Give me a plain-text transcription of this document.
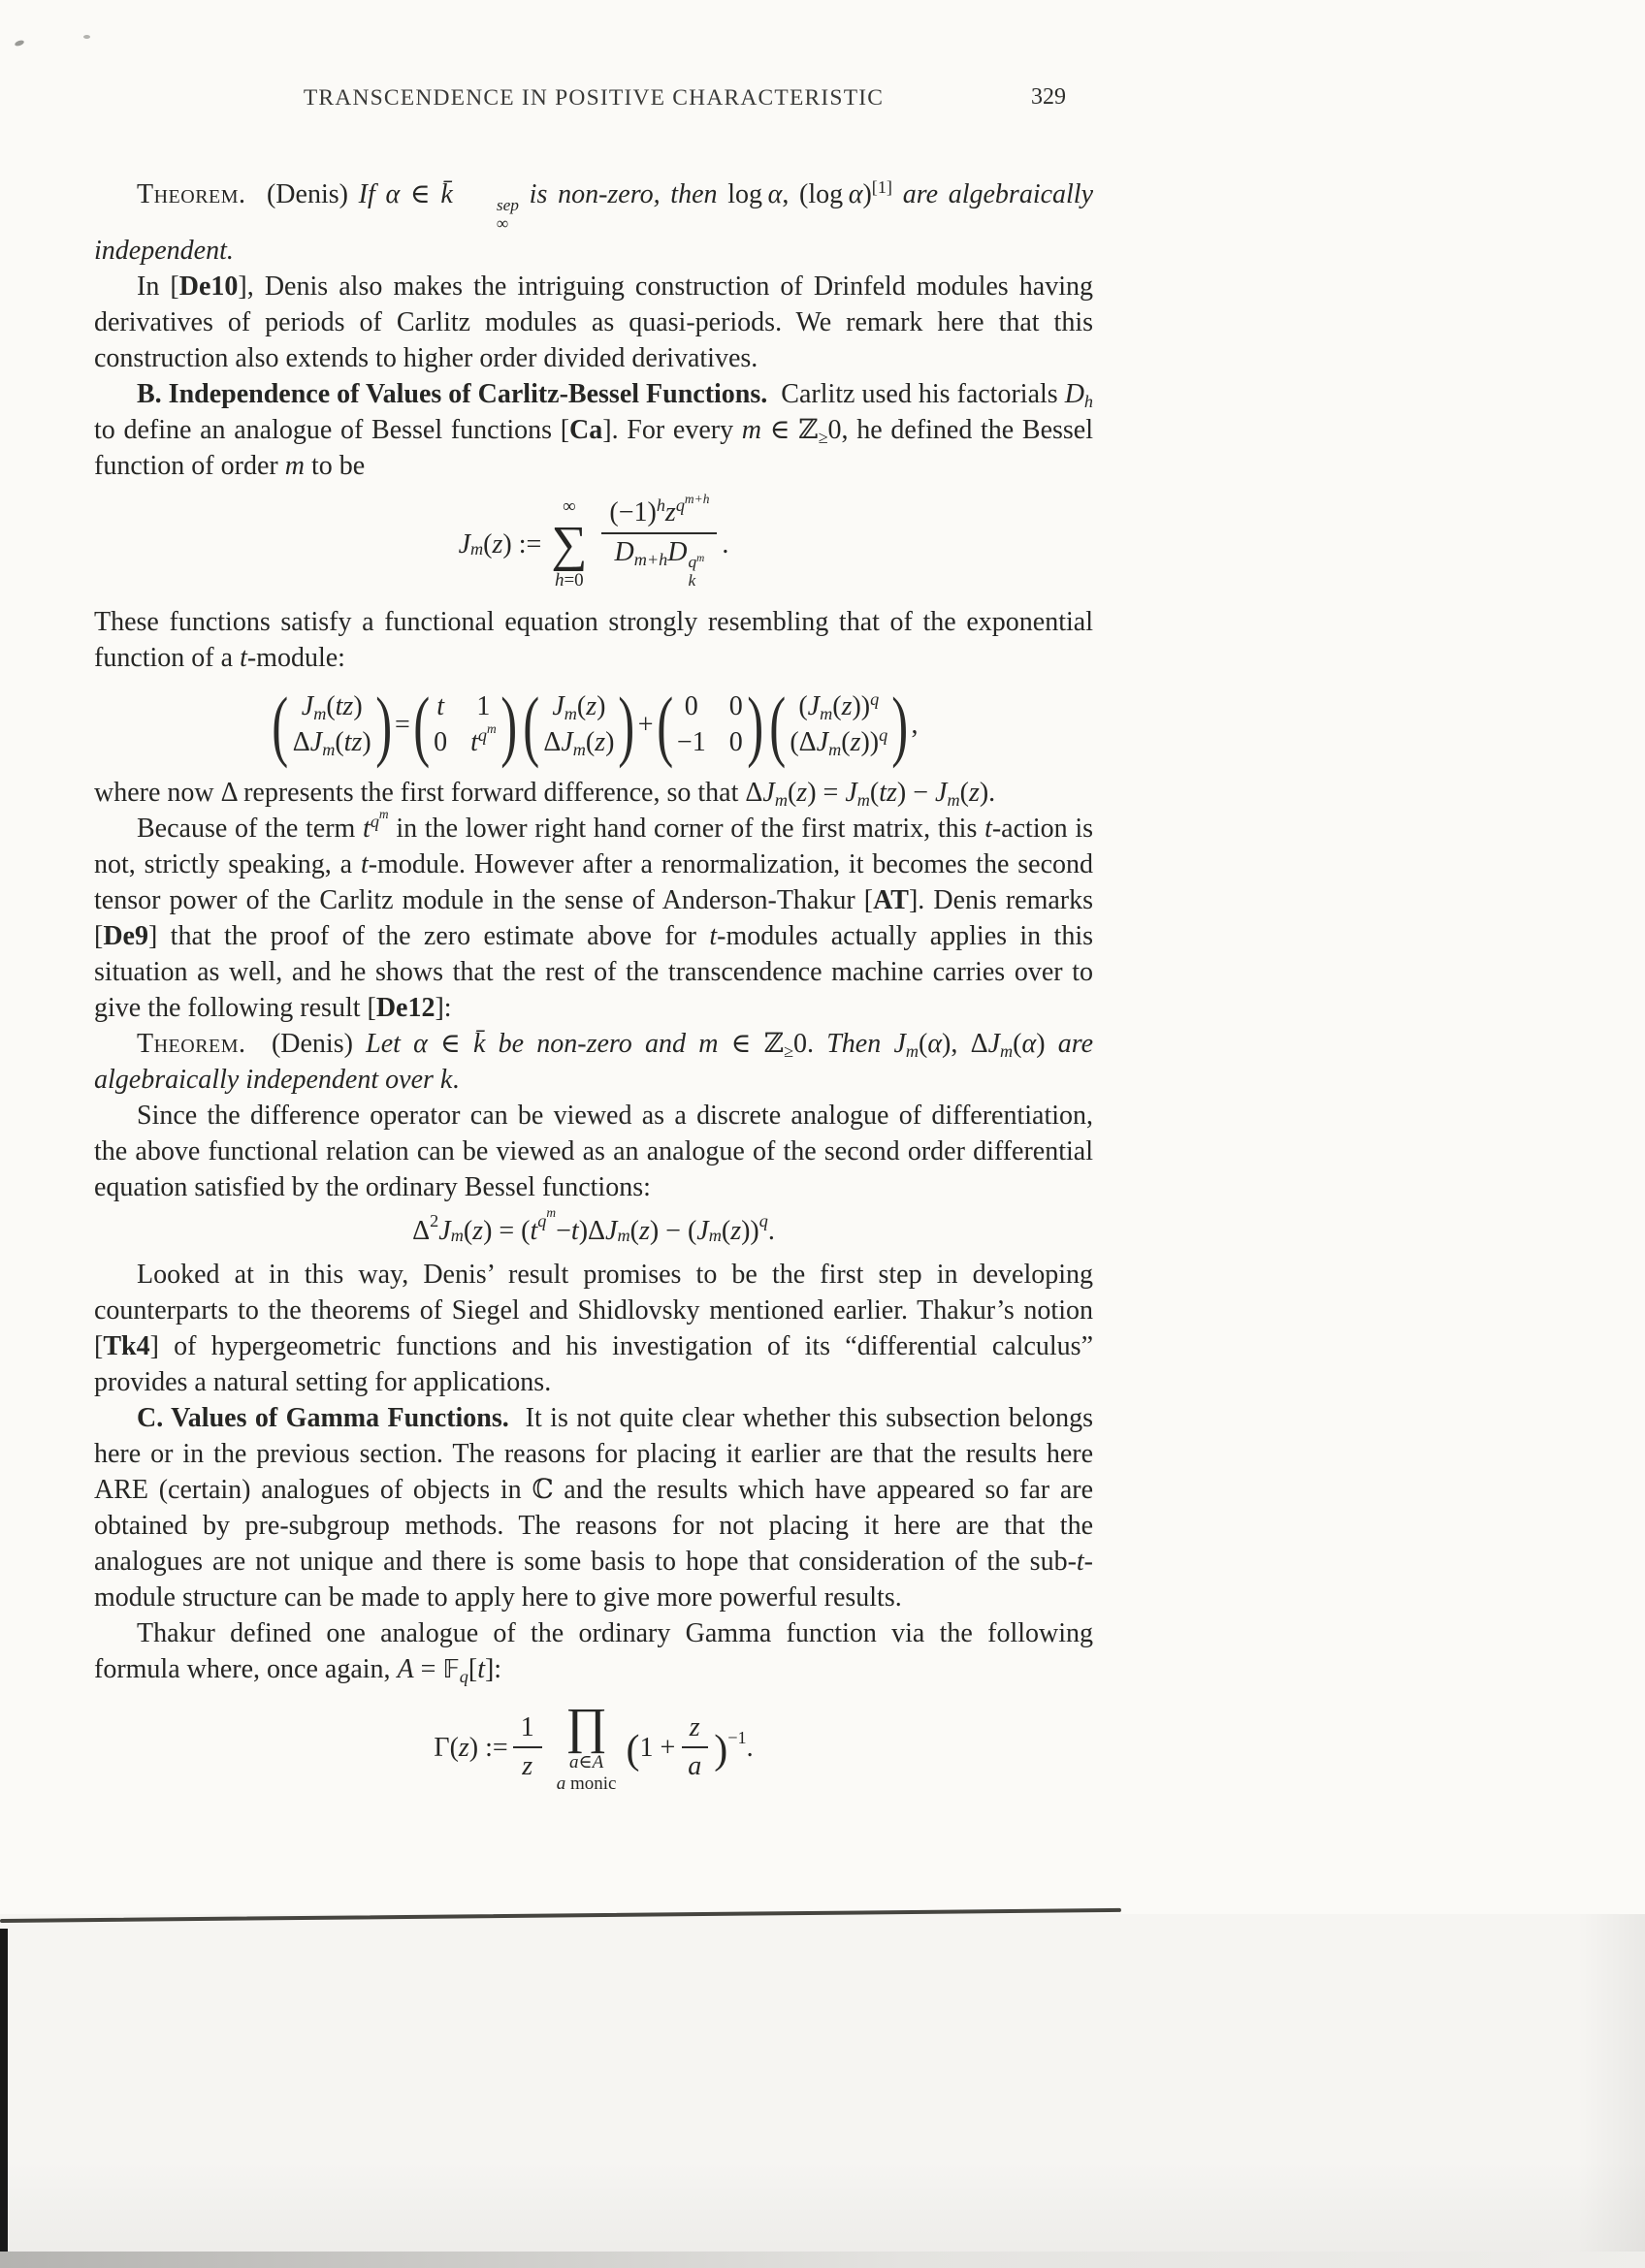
TRANSCENDENCE IN POSITIVE CHARACTERISTIC	329

Theorem.  (Denis) If α ∈ k̄	sep
∞
is non-zero, then log α, (log α)[1] are algebraically independent.

In [De10], Denis also makes the intriguing construction of Drinfeld modules having derivatives of periods of Carlitz modules as quasi-periods. We remark here that this construction also extends to higher order divided derivatives.

B. Independence of Values of Carlitz-Bessel Functions.  Carlitz used his factorials Dh to define an analogue of Bessel functions [Ca]. For every m ∈ ℤ≥0, he defined the Bessel function of order m to be

J m ( z ) :=
∞
∑
h=0 $(-1)^hz^{qm+h}$
Dm+hD $q^m$
k .

These functions satisfy a functional equation strongly resembling that of the exponential function of a t-module:

( Jm(tz)
ΔJm(tz) ) = ( t 1
0 $t^{qm}$ ) ( Jm(z)
ΔJm(z) ) + ( 0 0
−1 0 ) ( $(Jm(z))^q$
$(\Delta Jm(z))^q$ ) ,

where now Δ represents the first forward difference, so that ΔJm(z) = Jm(tz) − Jm(z).

Because of the term $t^{qm}$ in the lower right hand corner of the first matrix, this t-action is not, strictly speaking, a t-module. However after a renormalization, it becomes the second tensor power of the Carlitz module in the sense of Anderson-Thakur [AT]. Denis remarks [De9] that the proof of the zero estimate above for t-modules actually applies in this situation as well, and he shows that the rest of the transcendence machine carries over to give the following result [De12]:

Theorem.  (Denis) Let α ∈ k̄ be non-zero and m ∈ ℤ≥0. Then Jm(α), ΔJm(α) are algebraically independent over k.

Since the difference operator can be viewed as a discrete analogue of differentiation, the above functional relation can be viewed as an analogue of the second order differential equation satisfied by the ordinary Bessel functions:

Δ 2 J m ( z ) = ( t q m
− t )Δ J m ( z ) − ( J m ( z )) q .

Looked at in this way, Denis’ result promises to be the first step in developing counterparts to the theorems of Siegel and Shidlovsky mentioned earlier. Thakur’s notion [Tk4] of hypergeometric functions and his investigation of its “differential calculus” provides a natural setting for applications.

C. Values of Gamma Functions.  It is not quite clear whether this subsection belongs here or in the previous section. The reasons for placing it earlier are that the results here ARE (certain) analogues of objects in ℂ and the results which have appeared so far are obtained by pre-subgroup methods. The reasons for not placing it here are that the analogues are not unique and there is some basis to hope that consideration of the sub-t-module structure can be made to apply here to give more powerful results.

Thakur defined one analogue of the ordinary Gamma function via the following formula where, once again, A = 𝔽q[t]:

Γ( z ) := $\frac{1}{z}$ ∏
a∈A
a monic
( $1 + \frac{z}{a}$ ) −1 .
